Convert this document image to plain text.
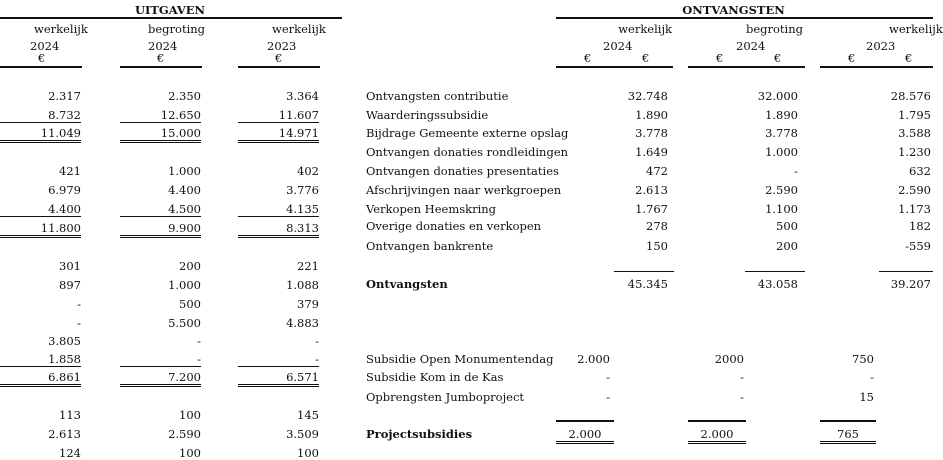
UITGAVEN
werkelijk
2024
€
begroting
2024
€
werkelijk
2023
€
2.317	2.350	3.364
8.732	12.650	11.607
11.049	15.000	14.971
421	1.000	402
6.979	4.400	3.776
4.400	4.500	4.135
11.800	9.900	8.313
301	200	221
897	1.000	1.088
-	500	379
-	5.500	4.883
3.805	-	-
1.858	-	-
6.861	7.200	6.571
113	100	145
2.613	2.590	3.509
124	100	100
ONTVANGSTEN
werkelijk
2024
€	€
begroting
2024
€	€
werkelijk
2023
€	€
Ontvangsten contributie	32.748	32.000	28.576
Waarderingssubsidie	1.890	1.890	1.795
Bijdrage Gemeente externe opslag	3.778	3.778	3.588
Ontvangen donaties rondleidingen	1.649	1.000	1.230
Ontvangen donaties presentaties	472	-	632
Afschrijvingen naar werkgroepen	2.613	2.590	2.590
Verkopen Heemskring	1.767	1.100	1.173
Overige donaties en verkopen	278	500	182
Ontvangen bankrente	150	200	-559
Ontvangsten	45.345	43.058	39.207
Subsidie Open Monumentendag	2.000	2000	750
Subsidie Kom in de Kas	-	-	-
Opbrengsten Jumboproject	-	-	15
Projectsubsidies	2.000	2.000	765
